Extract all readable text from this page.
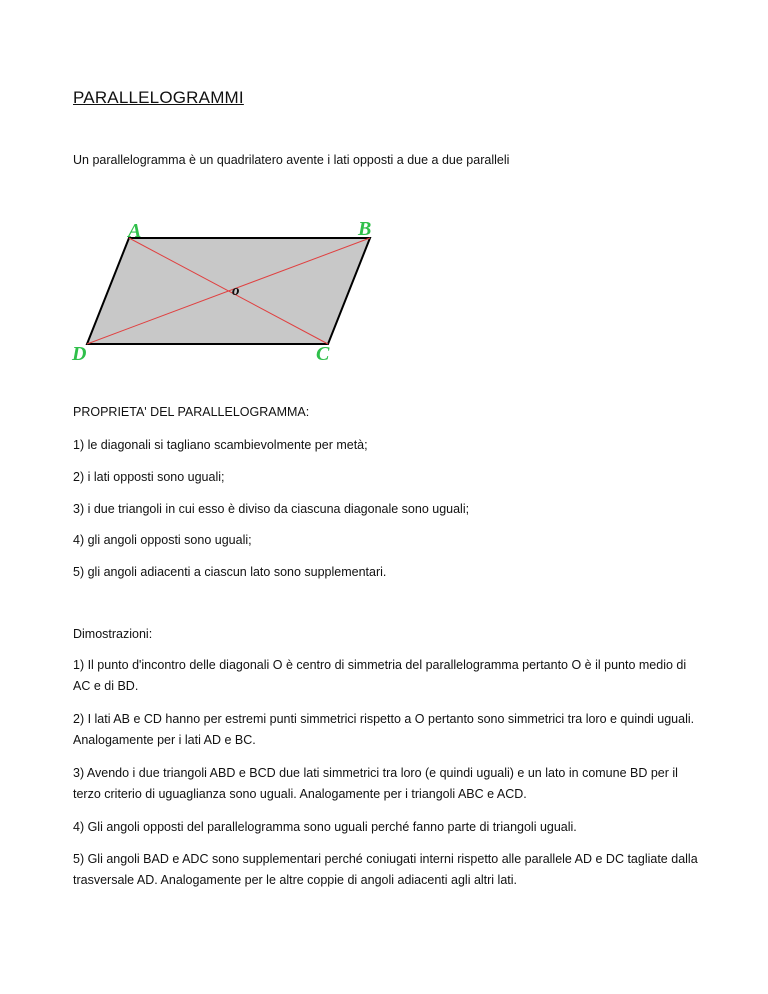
PARALLELOGRAMMI

Un parallelogramma è un quadrilatero avente i lati opposti a due a due paralleli

A	B
C
D
o

PROPRIETA' DEL PARALLELOGRAMMA:

1) le diagonali si tagliano scambievolmente per metà;

2) i lati opposti sono uguali;

3) i due triangoli in cui esso è diviso da ciascuna diagonale sono uguali;

4) gli angoli opposti sono uguali;

5) gli angoli adiacenti a ciascun lato sono supplementari.

Dimostrazioni:

1) Il punto d'incontro delle diagonali O è centro di simmetria del parallelogramma pertanto O è il punto medio di AC e di BD.

2) I lati AB e CD hanno per estremi punti simmetrici rispetto a O pertanto sono simmetrici tra loro e quindi uguali. Analogamente per i lati AD e BC.

3) Avendo i due triangoli ABD e BCD due lati simmetrici tra loro (e quindi uguali) e un lato in comune BD per il terzo criterio di uguaglianza sono uguali. Analogamente per i triangoli ABC e ACD.

4) Gli angoli opposti del parallelogramma sono uguali perché fanno parte di triangoli uguali.

5) Gli angoli BAD e ADC sono supplementari perché coniugati interni rispetto alle parallele AD e DC tagliate dalla trasversale AD. Analogamente per le altre coppie di angoli adiacenti agli altri lati.
